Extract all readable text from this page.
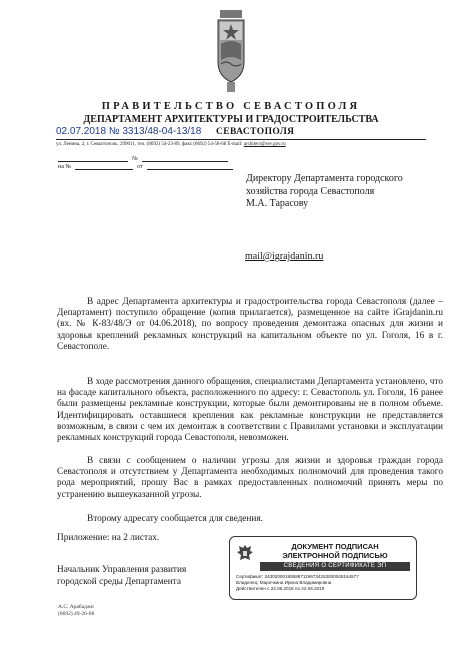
ПРАВИТЕЛЬСТВО СЕВАСТОПОЛЯ
ДЕПАРТАМЕНТ АРХИТЕКТУРЫ И ГРАДОСТРОИТЕЛЬСТВА
02.07.2018 № 3313/48-04-13/18 СЕВАСТОПОЛЯ
ул. Ленина, 2, г. Севастополь, 299011, тел. (8692) 54-23-89, факс (8692) 54-58-68 E-mail: architect@sev.gov.ru
№
на №	от
Директору Департамента городского
хозяйства города Севастополя
М.А. Тарасову
mail@igrajdanin.ru
В адрес Департамента архитектуры и градостроительства города Севастополя (далее – Департамент) поступило обращение (копия прилагается), размещенное на сайте iGrajdanin.ru (вх. № К-83/48/Э от 04.06.2018), по вопросу проведения демонтажа опасных для жизни и здоровья креплений рекламных конструкций на капитальном объекте по ул. Гоголя, 16 в г. Севастополе.
В ходе рассмотрения данного обращения, специалистами Департамента установлено, что на фасаде капитального объекта, расположенного по адресу: г. Севастополь ул. Гоголя, 16 ранее были размещены рекламные конструкции, которые были демонтированы не в полном объеме. Идентифицировать оставшиеся крепления как рекламные конструкции не представляется возможным, в связи с чем их демонтаж в соответствии с Правилами установки и эксплуатации рекламных конструкций города Севастополя, невозможен.
В связи с сообщением о наличии угрозы для жизни и здоровья граждан города Севастополя и отсутствием у Департамента необходимых полномочий для проведения такого рода мероприятий, прошу Вас в рамках предоставленных полномочий принять меры по устранению вышеуказанной угрозы.
Второму адресату сообщается для сведения.
Приложение: на 2 листах.
Начальник Управления развития
городской среды Департамента
А.С. Арабаджи
(8692) 49-26-08
ДОКУМЕНТ ПОДПИСАН
ЭЛЕКТРОННОЙ ПОДПИСЬЮ
СВЕДЕНИЯ О СЕРТИФИКАТЕ ЭП
Сертификат: 2430200019558871196734253930048164577
Владелец: Марочкина Ирина Владимировна
Действителен с 22.06.2018 по 22.06.2019
